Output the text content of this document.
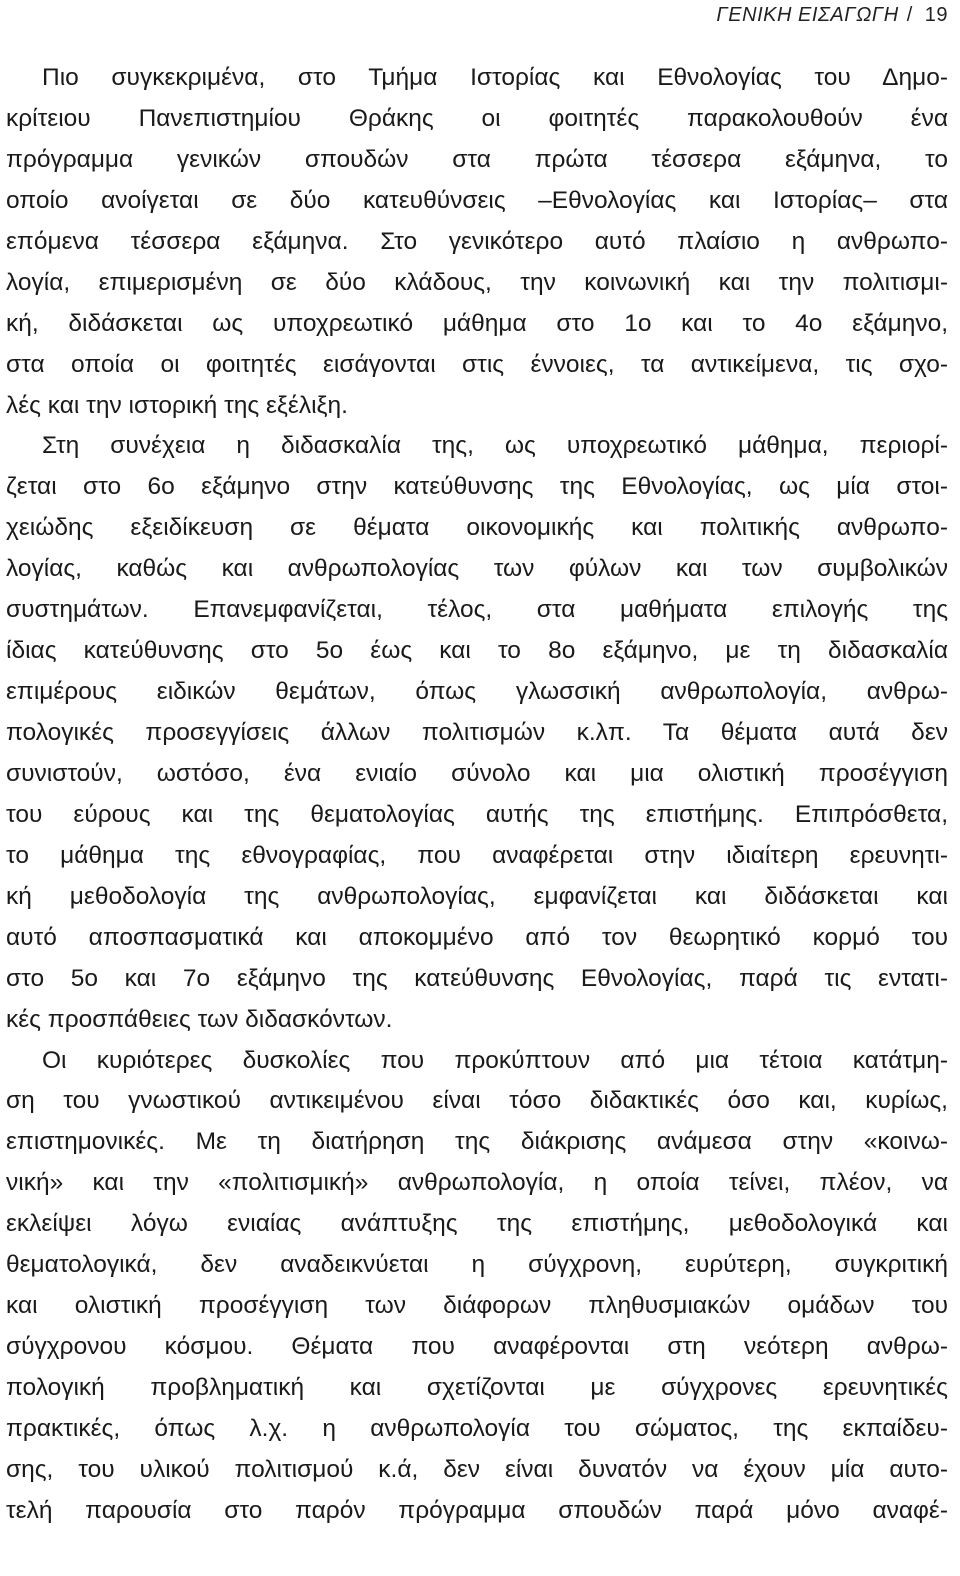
ΓΕΝΙΚΗ ΕΙΣΑΓΩΓΗ / 19
Πιο συγκεκριμένα, στο Τμήμα Ιστορίας και Εθνολογίας του Δημο-
κρίτειου Πανεπιστημίου Θράκης οι φοιτητές παρακολουθούν ένα
πρόγραμμα γενικών σπουδών στα πρώτα τέσσερα εξάμηνα, το
οποίο ανοίγεται σε δύο κατευθύνσεις –Εθνολογίας και Ιστορίας– στα
επόμενα τέσσερα εξάμηνα. Στο γενικότερο αυτό πλαίσιο η ανθρωπο-
λογία, επιμερισμένη σε δύο κλάδους, την κοινωνική και την πολιτισμι-
κή, διδάσκεται ως υποχρεωτικό μάθημα στο 1ο και το 4ο εξάμηνο,
στα οποία οι φοιτητές εισάγονται στις έννοιες, τα αντικείμενα, τις σχο-
λές και την ιστορική της εξέλιξη.
Στη συνέχεια η διδασκαλία της, ως υποχρεωτικό μάθημα, περιορί-
ζεται στο 6ο εξάμηνο στην κατεύθυνσης της Εθνολογίας, ως μία στοι-
χειώδης εξειδίκευση σε θέματα οικονομικής και πολιτικής ανθρωπο-
λογίας, καθώς και ανθρωπολογίας των φύλων και των συμβολικών
συστημάτων. Επανεμφανίζεται, τέλος, στα μαθήματα επιλογής της
ίδιας κατεύθυνσης στο 5ο έως και το 8ο εξάμηνο, με τη διδασκαλία
επιμέρους ειδικών θεμάτων, όπως γλωσσική ανθρωπολογία, ανθρω-
πολογικές προσεγγίσεις άλλων πολιτισμών κ.λπ. Τα θέματα αυτά δεν
συνιστούν, ωστόσο, ένα ενιαίο σύνολο και μια ολιστική προσέγγιση
του εύρους και της θεματολογίας αυτής της επιστήμης. Επιπρόσθετα,
το μάθημα της εθνογραφίας, που αναφέρεται στην ιδιαίτερη ερευνητι-
κή μεθοδολογία της ανθρωπολογίας, εμφανίζεται και διδάσκεται και
αυτό αποσπασματικά και αποκομμένο από τον θεωρητικό κορμό του
στο 5ο και 7ο εξάμηνο της κατεύθυνσης Εθνολογίας, παρά τις εντατι-
κές προσπάθειες των διδασκόντων.
Οι κυριότερες δυσκολίες που προκύπτουν από μια τέτοια κατάτμη-
ση του γνωστικού αντικειμένου είναι τόσο διδακτικές όσο και, κυρίως,
επιστημονικές. Με τη διατήρηση της διάκρισης ανάμεσα στην «κοινω-
νική» και την «πολιτισμική» ανθρωπολογία, η οποία τείνει, πλέον, να
εκλείψει λόγω ενιαίας ανάπτυξης της επιστήμης, μεθοδολογικά και
θεματολογικά, δεν αναδεικνύεται η σύγχρονη, ευρύτερη, συγκριτική
και ολιστική προσέγγιση των διάφορων πληθυσμιακών ομάδων του
σύγχρονου κόσμου. Θέματα που αναφέρονται στη νεότερη ανθρω-
πολογική προβληματική και σχετίζονται με σύγχρονες ερευνητικές
πρακτικές, όπως λ.χ. η ανθρωπολογία του σώματος, της εκπαίδευ-
σης, του υλικού πολιτισμού κ.ά, δεν είναι δυνατόν να έχουν μία αυτο-
τελή παρουσία στο παρόν πρόγραμμα σπουδών παρά μόνο αναφέ-
